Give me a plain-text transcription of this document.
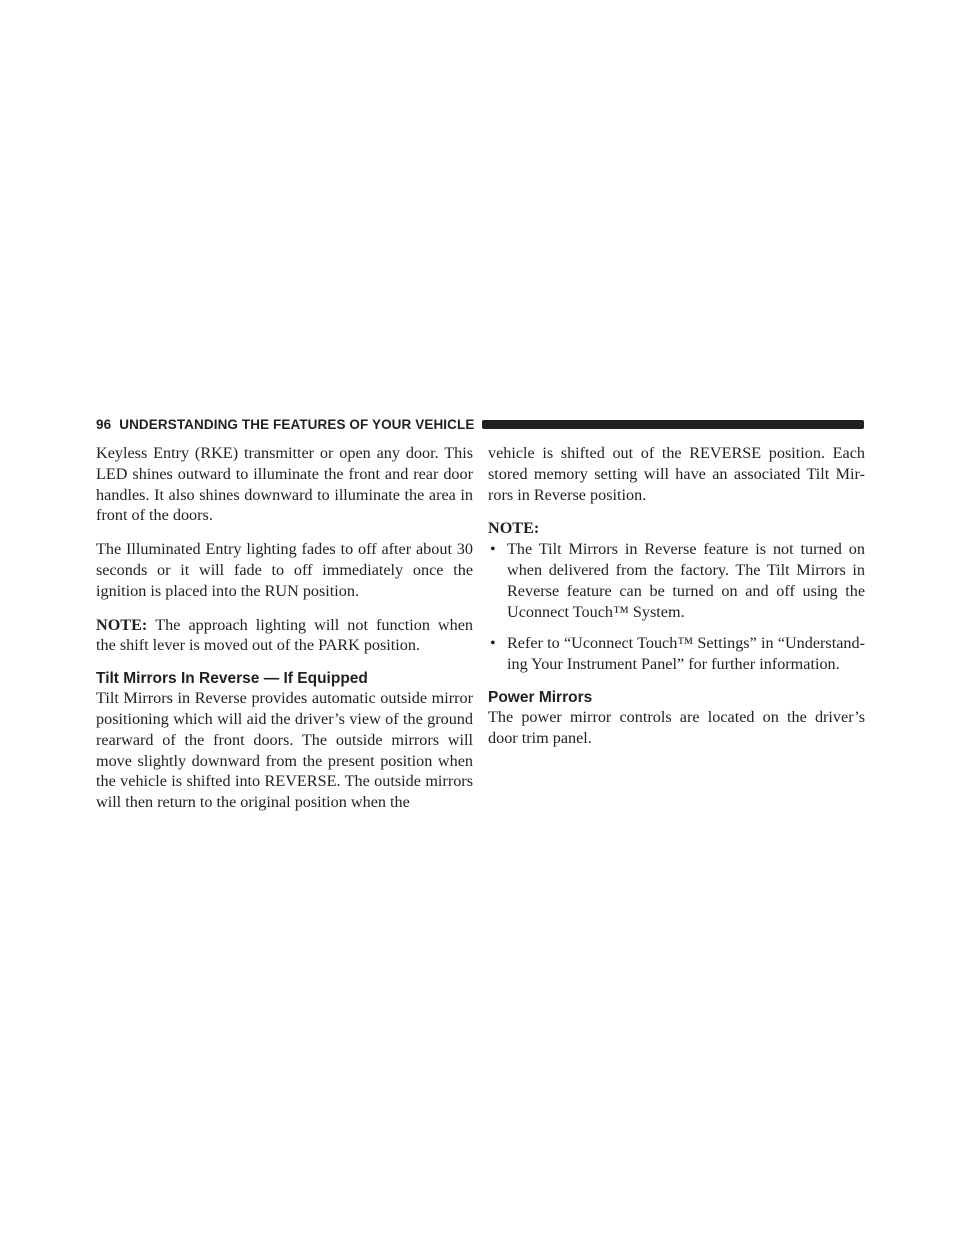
96 UNDERSTANDING THE FEATURES OF YOUR VEHICLE

Keyless Entry (RKE) transmitter or open any door. This LED shines outward to illuminate the front and rear door handles. It also shines downward to illuminate the area in front of the doors.

The Illuminated Entry lighting fades to off after about 30 seconds or it will fade to off immediately once the ignition is placed into the RUN position.

NOTE: The approach lighting will not function when the shift lever is moved out of the PARK position.

Tilt Mirrors In Reverse — If Equipped

Tilt Mirrors in Reverse provides automatic outside mirror positioning which will aid the driver’s view of the ground rearward of the front doors. The outside mirrors will move slightly downward from the present position when the vehicle is shifted into REVERSE. The outside mirrors will then return to the original position when the

vehicle is shifted out of the REVERSE position. Each stored memory setting will have an associated Tilt Mir-rors in Reverse position.

NOTE:
• The Tilt Mirrors in Reverse feature is not turned on when delivered from the factory. The Tilt Mirrors in Reverse feature can be turned on and off using the Uconnect Touch™ System.
• Refer to “Uconnect Touch™ Settings” in “Understand-ing Your Instrument Panel” for further information.
Power Mirrors

The power mirror controls are located on the driver’s door trim panel.
